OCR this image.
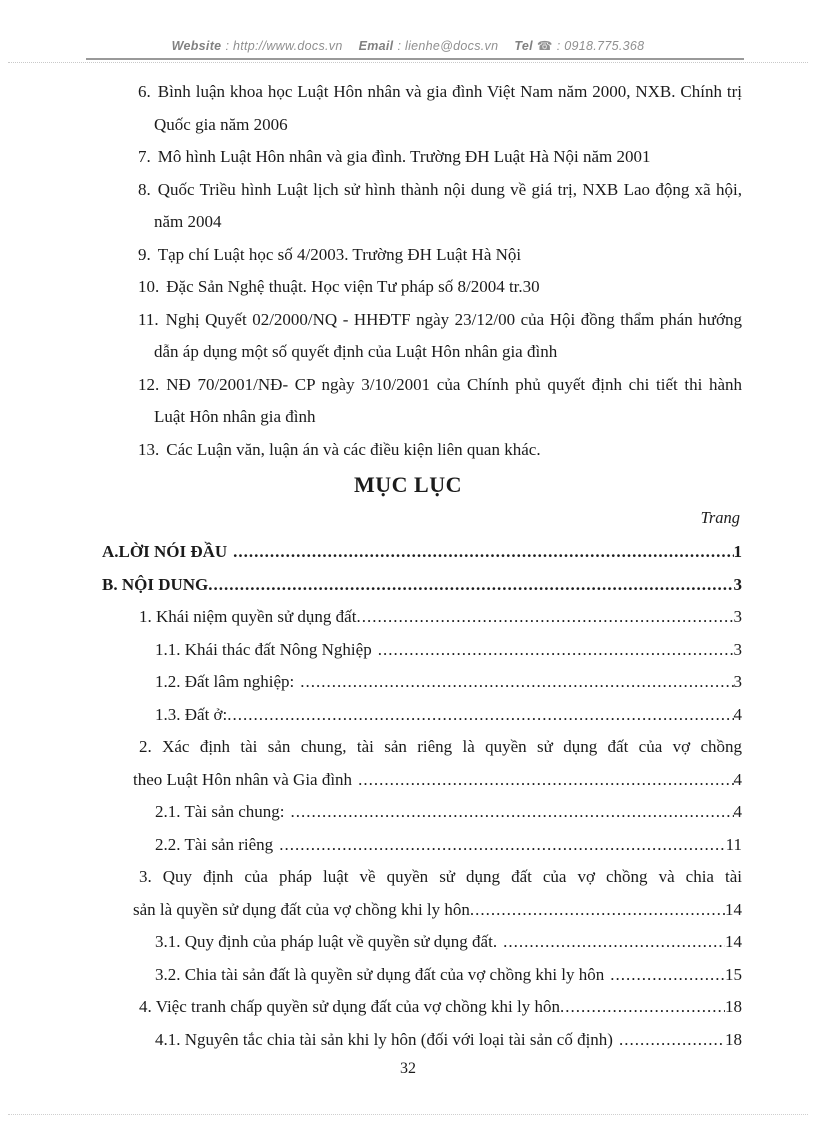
Website : http://www.docs.vn Email : lienhe@docs.vn Tel ☎ : 0918.775.368

6. Bình luận khoa học Luật Hôn nhân và gia đình Việt Nam năm 2000, NXB. Chính trị Quốc gia năm 2006

7. Mô hình Luật Hôn nhân và gia đình. Trường ĐH Luật Hà Nội năm 2001

8. Quốc Triều hình Luật lịch sử hình thành nội dung về giá trị, NXB Lao động xã hội, năm 2004

9. Tạp chí Luật học số 4/2003. Trường ĐH Luật Hà Nội

10. Đặc Sản Nghệ thuật. Học viện Tư pháp số 8/2004 tr.30

11. Nghị Quyết 02/2000/NQ - HHĐTF ngày 23/12/00 của Hội đồng thẩm phán hướng dẫn áp dụng một số quyết định của Luật Hôn nhân gia đình

12. NĐ 70/2001/NĐ- CP ngày 3/10/2001 của Chính phủ quyết định chi tiết thi hành Luật Hôn nhân gia đình

13. Các Luận văn, luận án và các điều kiện liên quan khác.

MỤC LỤC
Trang
A.LỜI NÓI ĐẦU .....	1
B. NỘI DUNG .....	3
1. Khái niệm quyền sử dụng đất .....	3
1.1. Khái thác đất Nông Nghiệp .....	3
1.2. Đất lâm nghiệp: .....	3
1.3. Đất ở: .....	4
2. Xác định tài sản chung, tài sản riêng là quyền sử dụng đất của vợ chồng
theo Luật Hôn nhân và Gia đình .....	4
2.1. Tài sản chung: .....	4
2.2. Tài sản riêng .....	11
3. Quy định của pháp luật về quyền sử dụng đất của vợ chồng và chia tài
sản là quyền sử dụng đất của vợ chồng khi ly hôn .....	14
3.1. Quy định của pháp luật về quyền sử dụng đất. .....	14
3.2. Chia tài sản đất là quyền sử dụng đất của vợ chồng khi ly hôn .....	15
4. Việc tranh chấp quyền sử dụng đất của vợ chồng khi ly hôn .....	18
4.1. Nguyên tắc chia tài sản khi ly hôn (đối với loại tài sản cố định) .....	18
32
